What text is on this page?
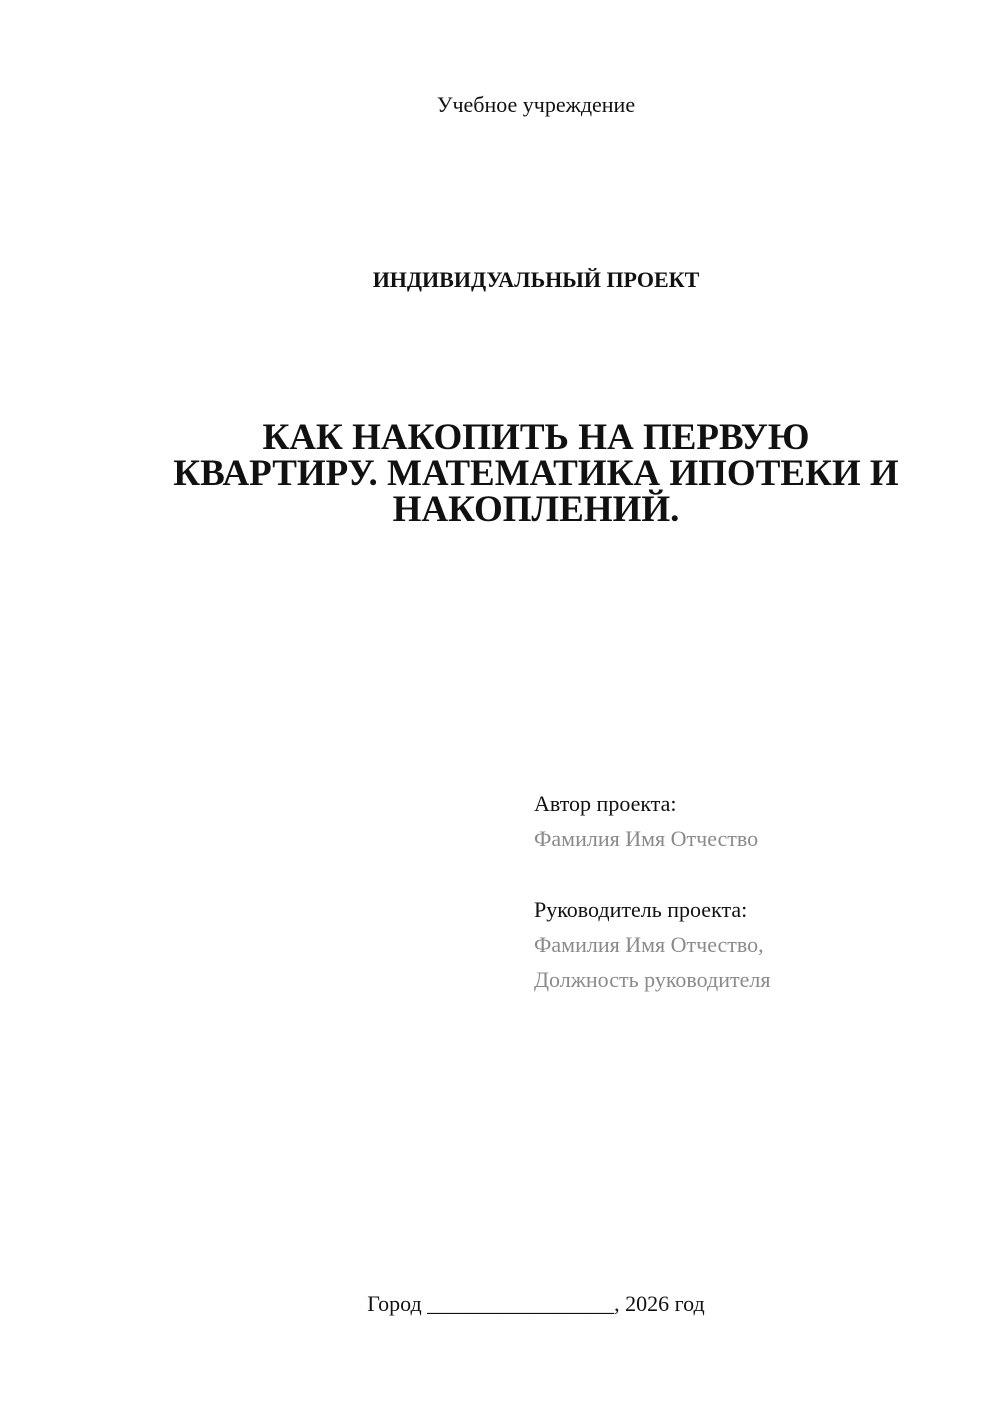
Учебное учреждение
ИНДИВИДУАЛЬНЫЙ ПРОЕКТ
КАК НАКОПИТЬ НА ПЕРВУЮ
КВАРТИРУ. МАТЕМАТИКА ИПОТЕКИ И
НАКОПЛЕНИЙ.
Автор проекта:
Фамилия Имя Отчество
Руководитель проекта:
Фамилия Имя Отчество,
Должность руководителя
Город _________________, 2026 год
